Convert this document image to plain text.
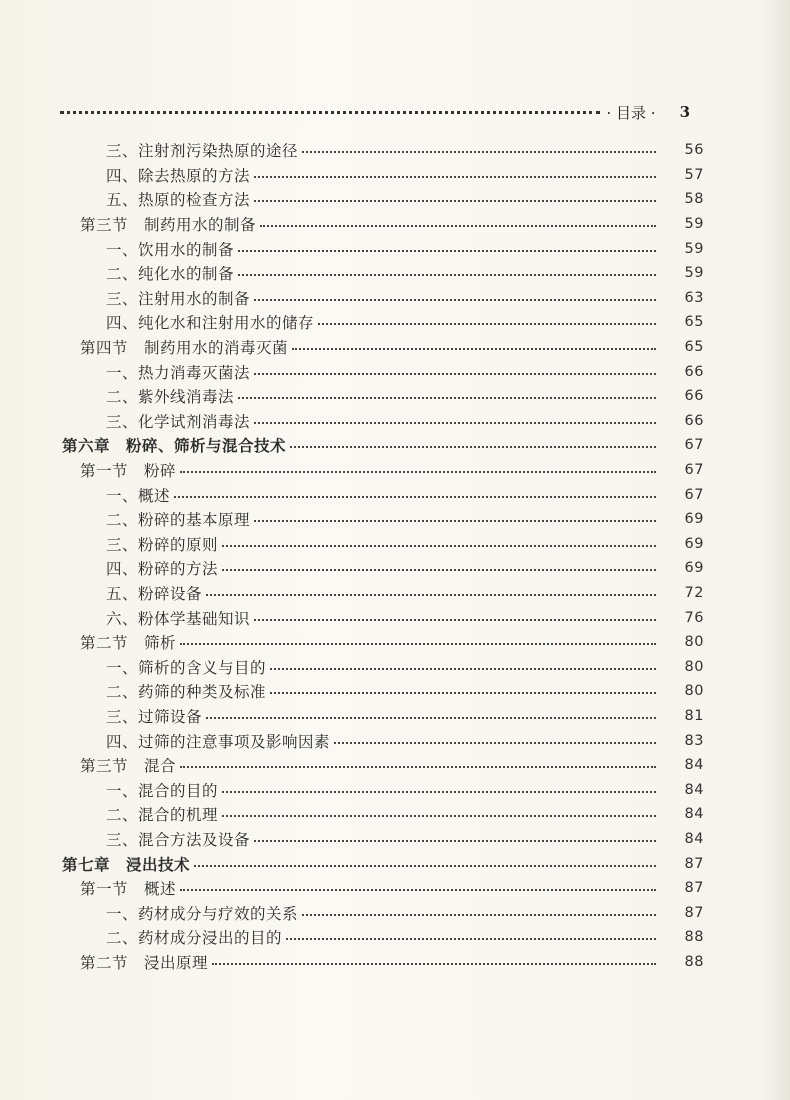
· 目录 · 3
三、注射剂污染热原的途径	56
四、除去热原的方法	57
五、热原的检查方法	58
第三节　制药用水的制备	59
一、饮用水的制备	59
二、纯化水的制备	59
三、注射用水的制备	63
四、纯化水和注射用水的储存	65
第四节　制药用水的消毒灭菌	65
一、热力消毒灭菌法	66
二、紫外线消毒法	66
三、化学试剂消毒法	66
第六章　粉碎、筛析与混合技术	67
第一节　粉碎	67
一、概述	67
二、粉碎的基本原理	69
三、粉碎的原则	69
四、粉碎的方法	69
五、粉碎设备	72
六、粉体学基础知识	76
第二节　筛析	80
一、筛析的含义与目的	80
二、药筛的种类及标准	80
三、过筛设备	81
四、过筛的注意事项及影响因素	83
第三节　混合	84
一、混合的目的	84
二、混合的机理	84
三、混合方法及设备	84
第七章　浸出技术	87
第一节　概述	87
一、药材成分与疗效的关系	87
二、药材成分浸出的目的	88
第二节　浸出原理	88
